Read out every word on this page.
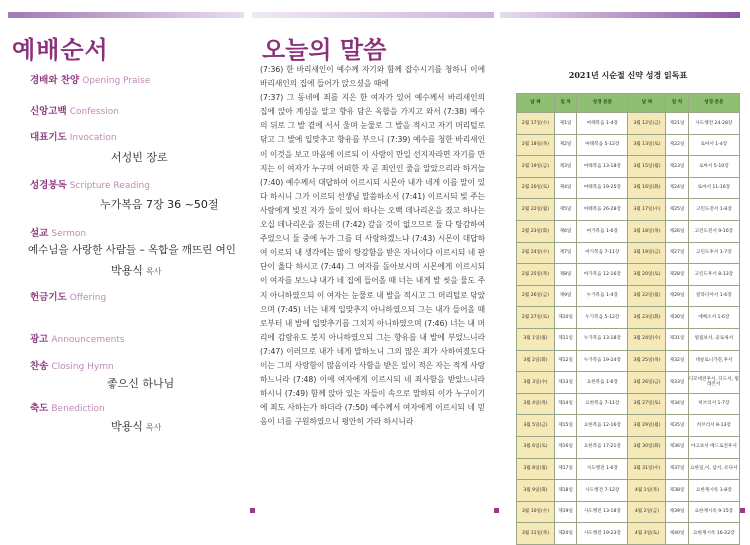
예배순서
경배와 찬양 Opening Praise
신앙고백 Confession
대표기도 Invocation
서성빈 장로
성경봉독 Scripture Reading
누가복음 7장 36 ~50절
설교 Sermon
예수님을 사랑한 사람들 – 옥합을 깨뜨린 여인
박용식 목사
헌금기도 Offering
광고 Announcements
찬송 Closing Hymn
좋으신 하나님
축도 Benediction
박용식 목사
오늘의 말씀

(7:36) 한 바리새인이 예수께 자기와 함께 잡수시기를 청하니 이에 바리새인의 집에 들어가 앉으셨을 때에

(7:37) 그 동네에 죄를 지은 한 여자가 있어 예수께서 바리새인의 집에 앉아 계심을 알고 향유 담은 옥합을 가지고 와서 (7:38) 예수의 뒤로 그 발 곁에 서서 울며 눈물로 그 발을 적시고 자기 머리털로 닦고 그 발에 입맞추고 향유를 부으니 (7:39) 예수를 청한 바리새인이 이것을 보고 마음에 이르되 이 사람이 만일 선지자라면 자기를 만지는 이 여자가 누구며 어떠한 자 곧 죄인인 줄을 알았으리라 하거늘 (7:40) 예수께서 대답하여 이르시되 시몬아 내가 네게 이를 말이 있다 하시니 그가 이르되 선생님 말씀하소서 (7:41) 이르시되 빚 주는 사람에게 빚진 자가 둘이 있어 하나는 오백 데나리온을 졌고 하나는 오십 데나리온을 졌는데 (7:42) 갚을 것이 없으므로 둘 다 탕감하여 주었으니 둘 중에 누가 그를 더 사랑하겠느냐 (7:43) 시몬이 대답하여 이르되 내 생각에는 많이 탕감함을 받은 자니이다 이르시되 네 판단이 옳다 하시고 (7:44) 그 여자를 돌아보시며 시몬에게 이르시되 이 여자를 보느냐 내가 네 집에 들어올 때 너는 내게 발 씻을 물도 주지 아니하였으되 이 여자는 눈물로 내 발을 적시고 그 머리털로 닦았으며 (7:45) 너는 내게 입맞추지 아니하였으되 그는 내가 들어올 때로부터 내 발에 입맞추기를 그치지 아니하였으며 (7:46) 너는 내 머리에 감람유도 붓지 아니하였으되 그는 향유를 내 발에 부었느니라 (7:47) 이러므로 내가 네게 말하노니 그의 많은 죄가 사하여졌도다 이는 그의 사랑함이 많음이라 사함을 받은 일이 적은 자는 적게 사랑하느니라 (7:48) 이에 여자에게 이르시되 네 죄사함을 받았느니라 하시니 (7:49) 함께 앉아 있는 자들이 속으로 말하되 이가 누구이기에 죄도 사하는가 하더라 (7:50) 예수께서 여자에게 이르시되 네 믿음이 너를 구원하였으니 평안히 가라 하시니라

2021년 시순절 신약 성경 읽독표
날 짜	일 차	성경 본문	날 짜	일 차	성경 본문
2월 17일(수)	제1일	마태복음 1-4장	3월 12일(금)	제21일	사도행전 24-28장
2월 18일(목)	제2일	마태복음 5-12장	3월 13일(토)	제22일	로마서 1-4장
2월 19일(금)	제3일	마태복음 13-18장	3월 15일(월)	제23일	로마서 5-10장
2월 20일(토)	제4일	마태복음 19-25장	3월 16일(화)	제24일	로마서 11-16장
2월 22일(월)	제5일	마태복음 26-28장	3월 17일(수)	제25일	고린도전서 1-8장
2월 23일(화)	제6일	마가복음 1-6장	3월 18일(목)	제26일	고린도전서 9-16장
2월 24일(수)	제7일	마가복음 7-11장	3월 19일(금)	제27일	고린도후서 1-7장
2월 25일(목)	제8일	마가복음 12-16장	3월 20일(토)	제28일	고린도후서 8-13장
2월 26일(금)	제9일	누가복음 1-4장	3월 22일(월)	제29일	갈라디아서 1-6장
2월 27일(토)	제10일	누가복음 5-12장	3월 23일(화)	제30일	에베소서 1-6장
3월 1일(월)	제11일	누가복음 13-18장	3월 24일(수)	제31일	빌립보서, 골로새서
3월 2일(화)	제12일	누가복음 19-24장	3월 25일(목)	제32일	데살로니가전,후서
3월 3일(수)	제13일	요한복음 1-6장	3월 26일(금)	제33일	디모데전후서, 디도서, 빌레몬서
3월 4일(목)	제14일	요한복음 7-11장	3월 27일(토)	제34일	히브리서 1-7장
3월 5일(금)	제15일	요한복음 12-16장	3월 29일(월)	제35일	히브리서 8-13장
3월 6일(토)	제16일	요한복음 17-21장	3월 30일(화)	제36일	야고보서 베드로전후서
3월 8일(월)	제17일	사도행전 1-6장	3월 31일(수)	제37일	요한일,이, 삼서, 유다서
3월 9일(화)	제18일	사도행전 7-12장	4월 1일(목)	제38일	요한계시록 1-8장
3월 10일(수)	제19일	사도행전 13-18장	4월 2일(금)	제39일	요한계시록 9-15장
3월 11일(목)	제20일	사도행전 19-23장	4월 3일(토)	제40일	요한계시록 16-22장
